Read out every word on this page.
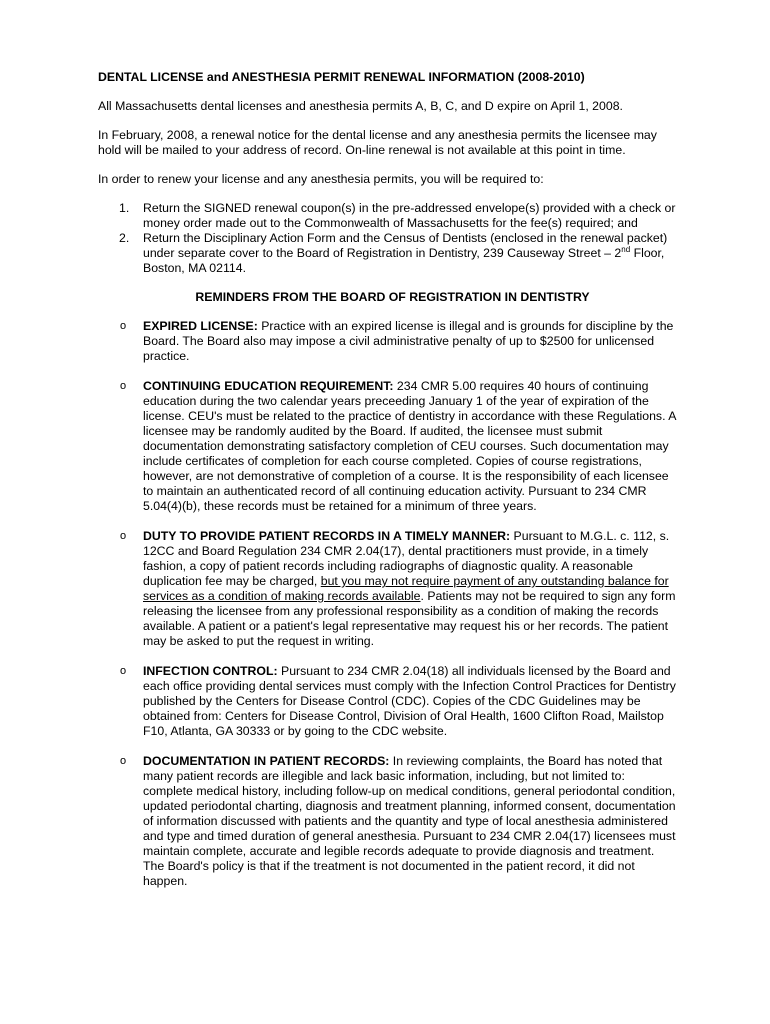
DENTAL LICENSE and ANESTHESIA PERMIT RENEWAL INFORMATION (2008-2010)

All Massachusetts dental licenses and anesthesia permits A, B, C, and D expire on April 1, 2008.

In February, 2008, a renewal notice for the dental license and any anesthesia permits the licensee may hold will be mailed to your address of record. On-line renewal is not available at this point in time.

In order to renew your license and any anesthesia permits, you will be required to:

1. Return the SIGNED renewal coupon(s) in the pre-addressed envelope(s) provided with a check or money order made out to the Commonwealth of Massachusetts for the fee(s) required; and
2. Return the Disciplinary Action Form and the Census of Dentists (enclosed in the renewal packet) under separate cover to the Board of Registration in Dentistry, 239 Causeway Street – 2nd Floor, Boston, MA 02114.

REMINDERS FROM THE BOARD OF REGISTRATION IN DENTISTRY

o EXPIRED LICENSE: Practice with an expired license is illegal and is grounds for discipline by the Board. The Board also may impose a civil administrative penalty of up to $2500 for unlicensed practice.
o CONTINUING EDUCATION REQUIREMENT: 234 CMR 5.00 requires 40 hours of continuing education during the two calendar years preceeding January 1 of the year of expiration of the license. CEU's must be related to the practice of dentistry in accordance with these Regulations. A licensee may be randomly audited by the Board. If audited, the licensee must submit documentation demonstrating satisfactory completion of CEU courses. Such documentation may include certificates of completion for each course completed. Copies of course registrations, however, are not demonstrative of completion of a course. It is the responsibility of each licensee to maintain an authenticated record of all continuing education activity. Pursuant to 234 CMR 5.04(4)(b), these records must be retained for a minimum of three years.
o DUTY TO PROVIDE PATIENT RECORDS IN A TIMELY MANNER: Pursuant to M.G.L. c. 112, s. 12CC and Board Regulation 234 CMR 2.04(17), dental practitioners must provide, in a timely fashion, a copy of patient records including radiographs of diagnostic quality. A reasonable duplication fee may be charged, but you may not require payment of any outstanding balance for services as a condition of making records available. Patients may not be required to sign any form releasing the licensee from any professional responsibility as a condition of making the records available. A patient or a patient's legal representative may request his or her records. The patient may be asked to put the request in writing.
o INFECTION CONTROL: Pursuant to 234 CMR 2.04(18) all individuals licensed by the Board and each office providing dental services must comply with the Infection Control Practices for Dentistry published by the Centers for Disease Control (CDC). Copies of the CDC Guidelines may be obtained from: Centers for Disease Control, Division of Oral Health, 1600 Clifton Road, Mailstop F10, Atlanta, GA 30333 or by going to the CDC website.
o DOCUMENTATION IN PATIENT RECORDS: In reviewing complaints, the Board has noted that many patient records are illegible and lack basic information, including, but not limited to: complete medical history, including follow-up on medical conditions, general periodontal condition, updated periodontal charting, diagnosis and treatment planning, informed consent, documentation of information discussed with patients and the quantity and type of local anesthesia administered and type and timed duration of general anesthesia. Pursuant to 234 CMR 2.04(17) licensees must maintain complete, accurate and legible records adequate to provide diagnosis and treatment. The Board's policy is that if the treatment is not documented in the patient record, it did not happen.
